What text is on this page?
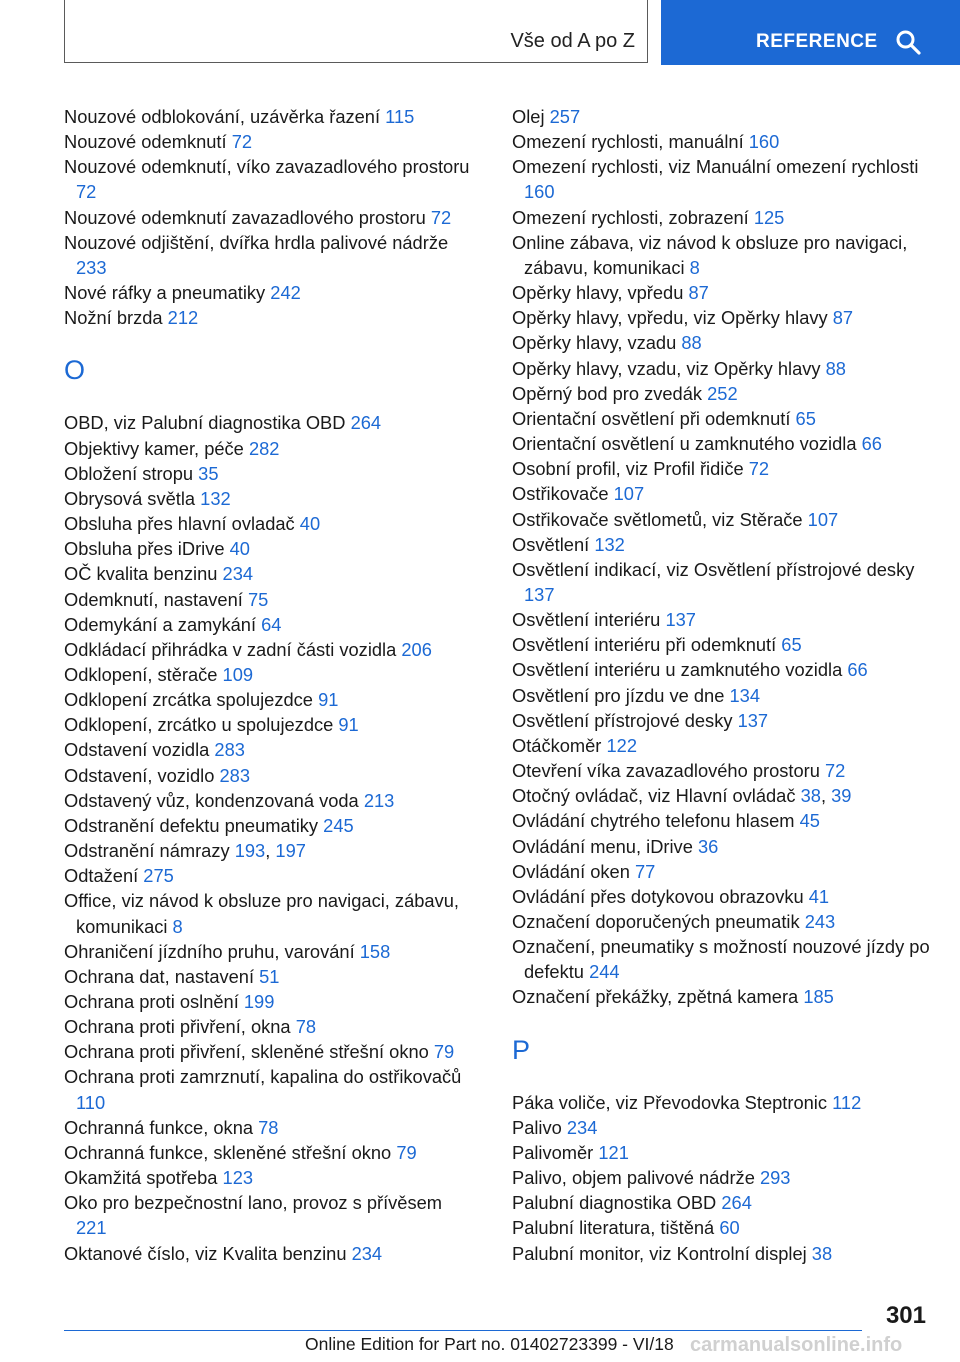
Vše od A po Z	REFERENCE
Nouzové odblokování, uzávěrka řazení 115
Nouzové odemknutí 72
Nouzové odemknutí, víko zavazadlového prostoru 72
Nouzové odemknutí zavazadlového prostoru 72
Nouzové odjištění, dvířka hrdla palivové nádrže 233
Nové ráfky a pneumatiky 242
Nožní brzda 212
O
OBD, viz Palubní diagnostika OBD 264
Objektivy kamer, péče 282
Obložení stropu 35
Obrysová světla 132
Obsluha přes hlavní ovladač 40
Obsluha přes iDrive 40
OČ kvalita benzinu 234
Odemknutí, nastavení 75
Odemykání a zamykání 64
Odkládací přihrádka v zadní části vozidla 206
Odklopení, stěrače 109
Odklopení zrcátka spolujezdce 91
Odklopení, zrcátko u spolujezdce 91
Odstavení vozidla 283
Odstavení, vozidlo 283
Odstavený vůz, kondenzovaná voda 213
Odstranění defektu pneumatiky 245
Odstranění námrazy 193, 197
Odtažení 275
Office, viz návod k obsluze pro navigaci, zábavu, komunikaci 8
Ohraničení jízdního pruhu, varování 158
Ochrana dat, nastavení 51
Ochrana proti oslnění 199
Ochrana proti přivření, okna 78
Ochrana proti přivření, skleněné střešní okno 79
Ochrana proti zamrznutí, kapalina do ostřikovačů 110
Ochranná funkce, okna 78
Ochranná funkce, skleněné střešní okno 79
Okamžitá spotřeba 123
Oko pro bezpečnostní lano, provoz s přívěsem 221
Oktanové číslo, viz Kvalita benzinu 234
Olej 257
Omezení rychlosti, manuální 160
Omezení rychlosti, viz Manuální omezení rychlosti 160
Omezení rychlosti, zobrazení 125
Online zábava, viz návod k obsluze pro navigaci, zábavu, komunikaci 8
Opěrky hlavy, vpředu 87
Opěrky hlavy, vpředu, viz Opěrky hlavy 87
Opěrky hlavy, vzadu 88
Opěrky hlavy, vzadu, viz Opěrky hlavy 88
Opěrný bod pro zvedák 252
Orientační osvětlení při odemknutí 65
Orientační osvětlení u zamknutého vozidla 66
Osobní profil, viz Profil řidiče 72
Ostřikovače 107
Ostřikovače světlometů, viz Stěrače 107
Osvětlení 132
Osvětlení indikací, viz Osvětlení přístrojové desky 137
Osvětlení interiéru 137
Osvětlení interiéru při odemknutí 65
Osvětlení interiéru u zamknutého vozidla 66
Osvětlení pro jízdu ve dne 134
Osvětlení přístrojové desky 137
Otáčkoměr 122
Otevření víka zavazadlového prostoru 72
Otočný ovládač, viz Hlavní ovládač 38, 39
Ovládání chytrého telefonu hlasem 45
Ovládání menu, iDrive 36
Ovládání oken 77
Ovládání přes dotykovou obrazovku 41
Označení doporučených pneumatik 243
Označení, pneumatiky s možností nouzové jízdy po defektu 244
Označení překážky, zpětná kamera 185
P
Páka voliče, viz Převodovka Steptronic 112
Palivo 234
Palivoměr 121
Palivo, objem palivové nádrže 293
Palubní diagnostika OBD 264
Palubní literatura, tištěná 60
Palubní monitor, viz Kontrolní displej 38
301
Online Edition for Part no. 01402723399 - VI/18 carmanualsonline.info
